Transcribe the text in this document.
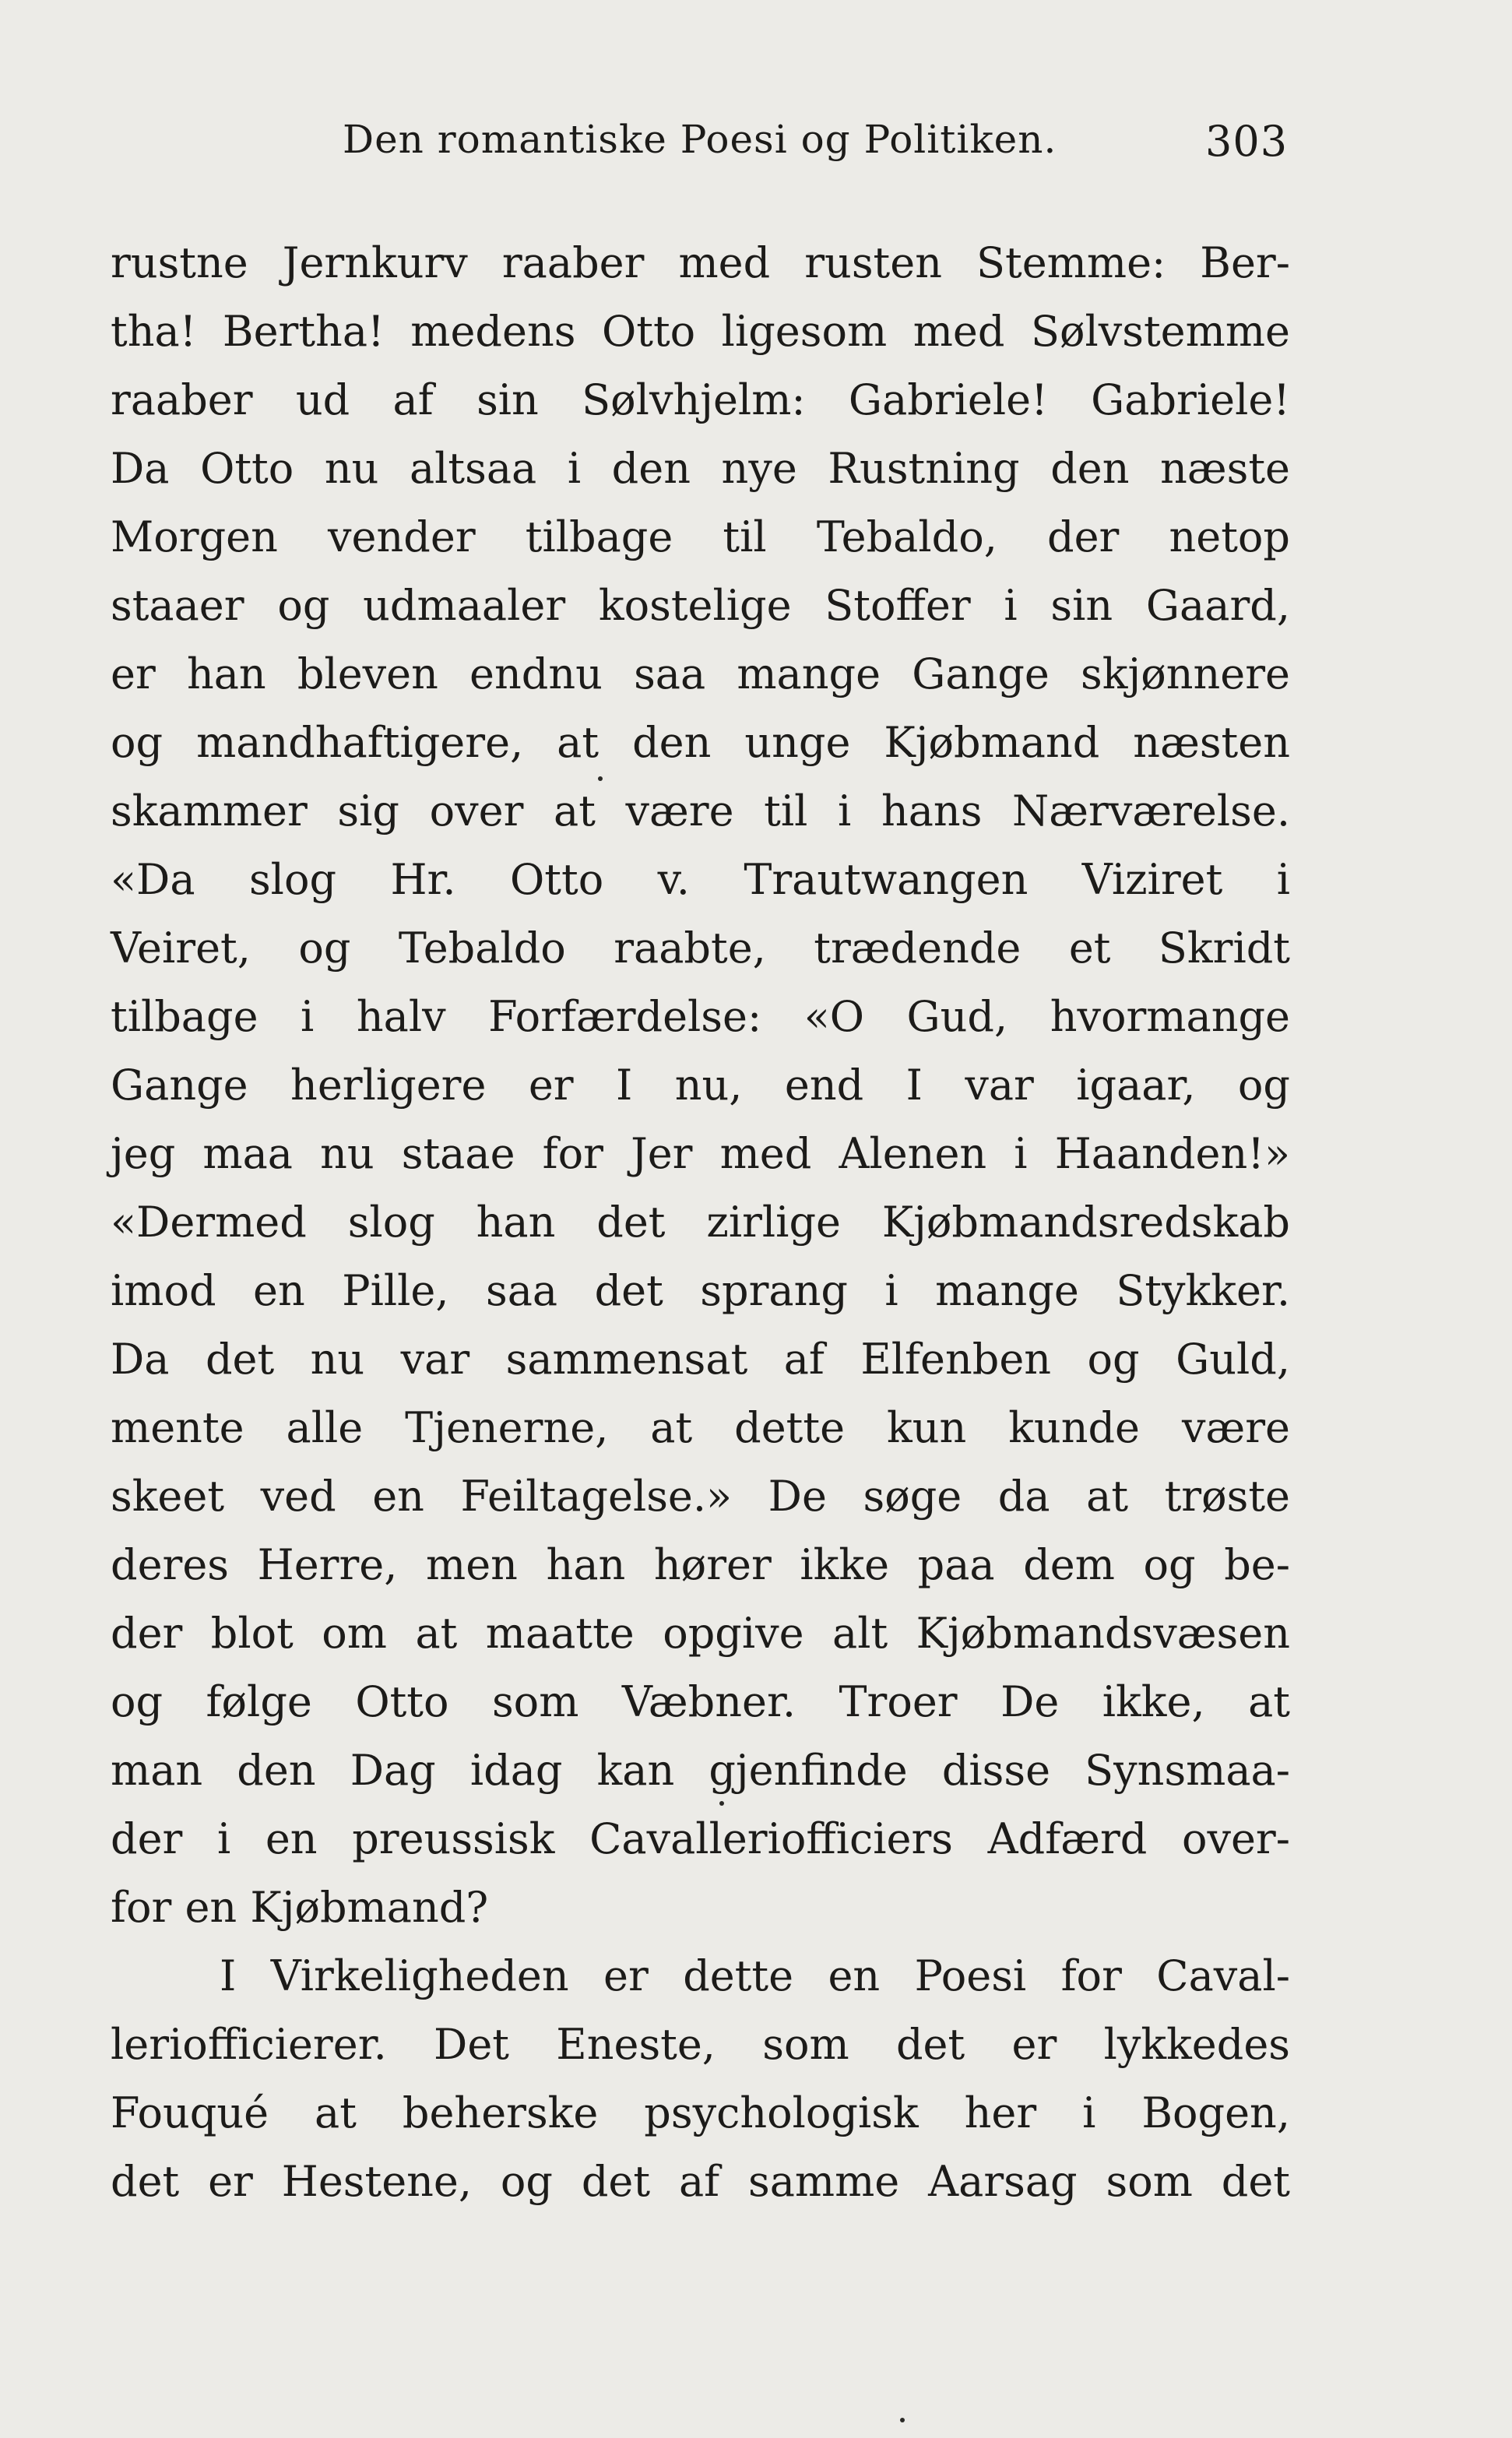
Den romantiske Poesi og Politiken.	303
rustne Jernkurv raaber med rusten Stemme: Ber-
tha! Bertha! medens Otto ligesom med Sølvstemme
raaber ud af sin Sølvhjelm: Gabriele! Gabriele!
Da Otto nu altsaa i den nye Rustning den næste
Morgen vender tilbage til Tebaldo, der netop
staaer og udmaaler kostelige Stoffer i sin Gaard,
er han bleven endnu saa mange Gange skjønnere
og mandhaftigere, at den unge Kjøbmand næsten
skammer sig over at være til i hans Nærværelse.
«Da slog Hr. Otto v. Trautwangen Viziret i
Veiret, og Tebaldo raabte, trædende et Skridt
tilbage i halv Forfærdelse: «O Gud, hvormange
Gange herligere er I nu, end I var igaar, og
jeg maa nu staae for Jer med Alenen i Haanden!»
«Dermed slog han det zirlige Kjøbmandsredskab
imod en Pille, saa det sprang i mange Stykker.
Da det nu var sammensat af Elfenben og Guld,
mente alle Tjenerne, at dette kun kunde være
skeet ved en Feiltagelse.» De søge da at trøste
deres Herre, men han hører ikke paa dem og be-
der blot om at maatte opgive alt Kjøbmandsvæsen
og følge Otto som Væbner. Troer De ikke, at
man den Dag idag kan gjenfinde disse Synsmaa-
der i en preussisk Cavalleriofficiers Adfærd over-
for en Kjøbmand?
I Virkeligheden er dette en Poesi for Caval-
leriofficierer. Det Eneste, som det er lykkedes
Fouqué at beherske psychologisk her i Bogen,
det er Hestene, og det af samme Aarsag som det
